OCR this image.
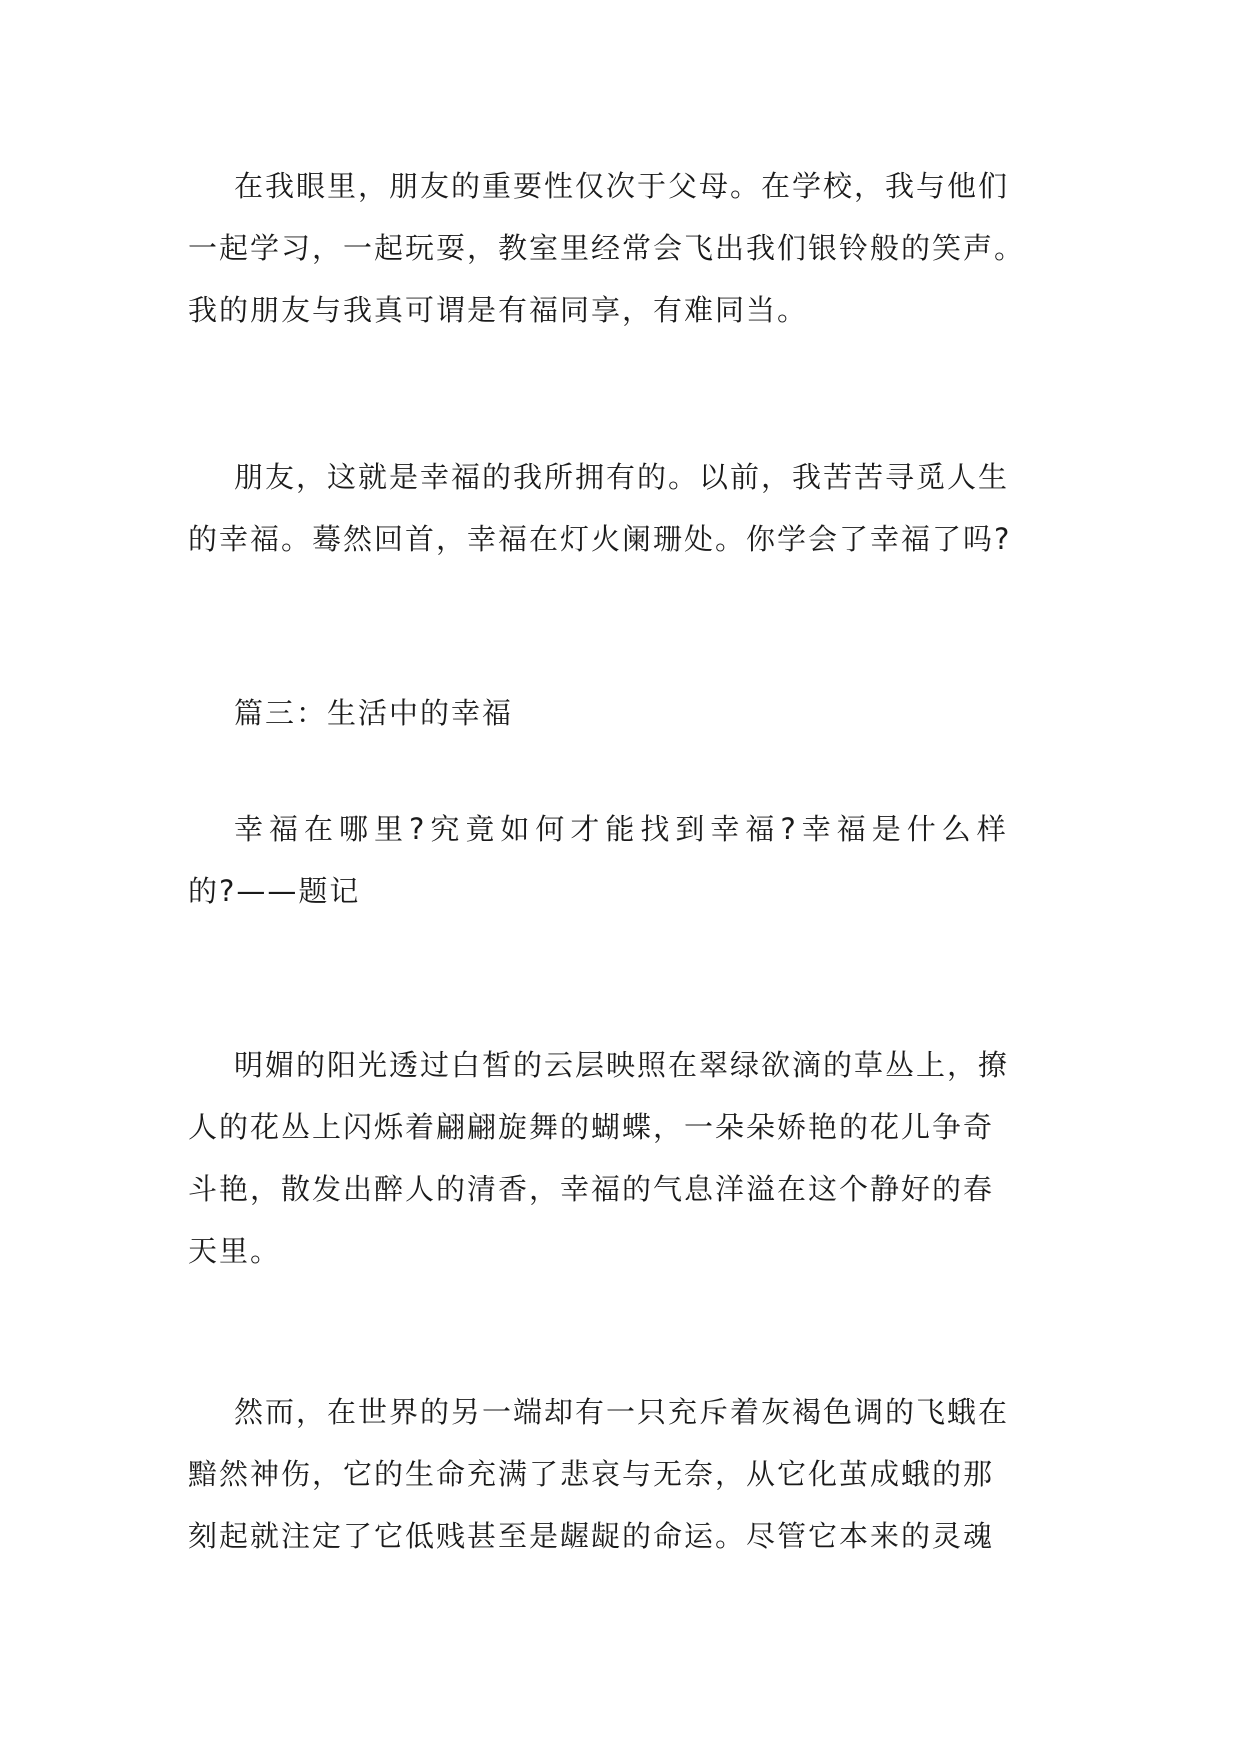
在我眼里，朋友的重要性仅次于父母。在学校，我与他们
一起学习，一起玩耍，教室里经常会飞出我们银铃般的笑声。
我的朋友与我真可谓是有福同享，有难同当。

朋友，这就是幸福的我所拥有的。以前，我苦苦寻觅人生
的幸福。蓦然回首，幸福在灯火阑珊处。你学会了幸福了吗?

篇三：生活中的幸福

幸福在哪里?究竟如何才能找到幸福?幸福是什么样
的?——题记

明媚的阳光透过白皙的云层映照在翠绿欲滴的草丛上，撩
人的花丛上闪烁着翩翩旋舞的蝴蝶，一朵朵娇艳的花儿争奇
斗艳，散发出醉人的清香，幸福的气息洋溢在这个静好的春
天里。

然而，在世界的另一端却有一只充斥着灰褐色调的飞蛾在
黯然神伤，它的生命充满了悲哀与无奈，从它化茧成蛾的那
刻起就注定了它低贱甚至是龌龊的命运。尽管它本来的灵魂
